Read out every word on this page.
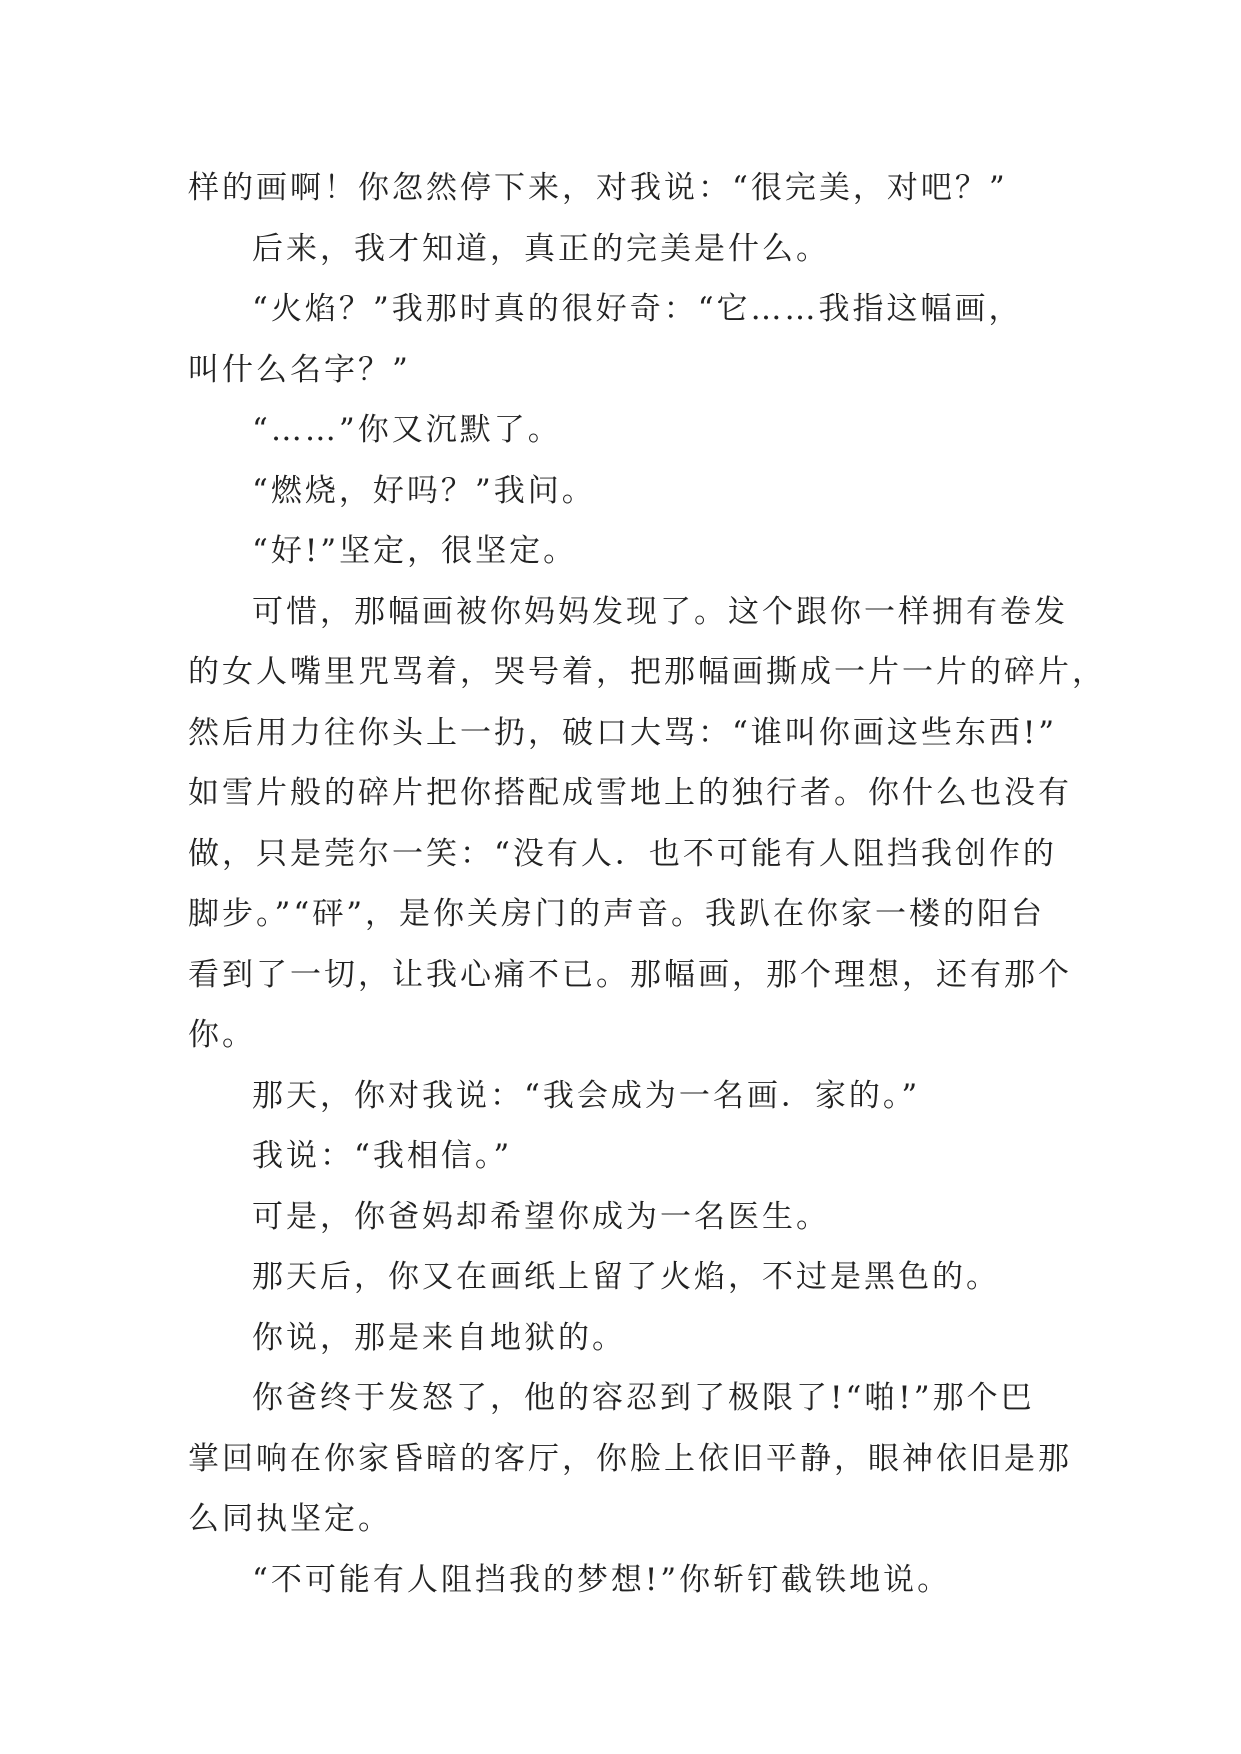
样的画啊！你忽然停下来，对我说：“很完美，对吧？”
后来，我才知道，真正的完美是什么。
“火焰？”我那时真的很好奇：“它……我指这幅画，
叫什么名字？”
“……”你又沉默了。
“燃烧，好吗？”我问。
“好!”坚定，很坚定。
可惜，那幅画被你妈妈发现了。这个跟你一样拥有卷发
的女人嘴里咒骂着，哭号着，把那幅画撕成一片一片的碎片，
然后用力往你头上一扔，破口大骂：“谁叫你画这些东西!”
如雪片般的碎片把你搭配成雪地上的独行者。你什么也没有
做，只是莞尔一笑：“没有人．也不可能有人阻挡我创作的
脚步。”“砰”，是你关房门的声音。我趴在你家一楼的阳台
看到了一切，让我心痛不已。那幅画，那个理想，还有那个
你。
那天，你对我说：“我会成为一名画．家的。”
我说：“我相信。”
可是，你爸妈却希望你成为一名医生。
那天后，你又在画纸上留了火焰，不过是黑色的。
你说，那是来自地狱的。
你爸终于发怒了，他的容忍到了极限了!“啪!”那个巴
掌回响在你家昏暗的客厅，你脸上依旧平静，眼神依旧是那
么同执坚定。
“不可能有人阻挡我的梦想!”你斩钉截铁地说。
